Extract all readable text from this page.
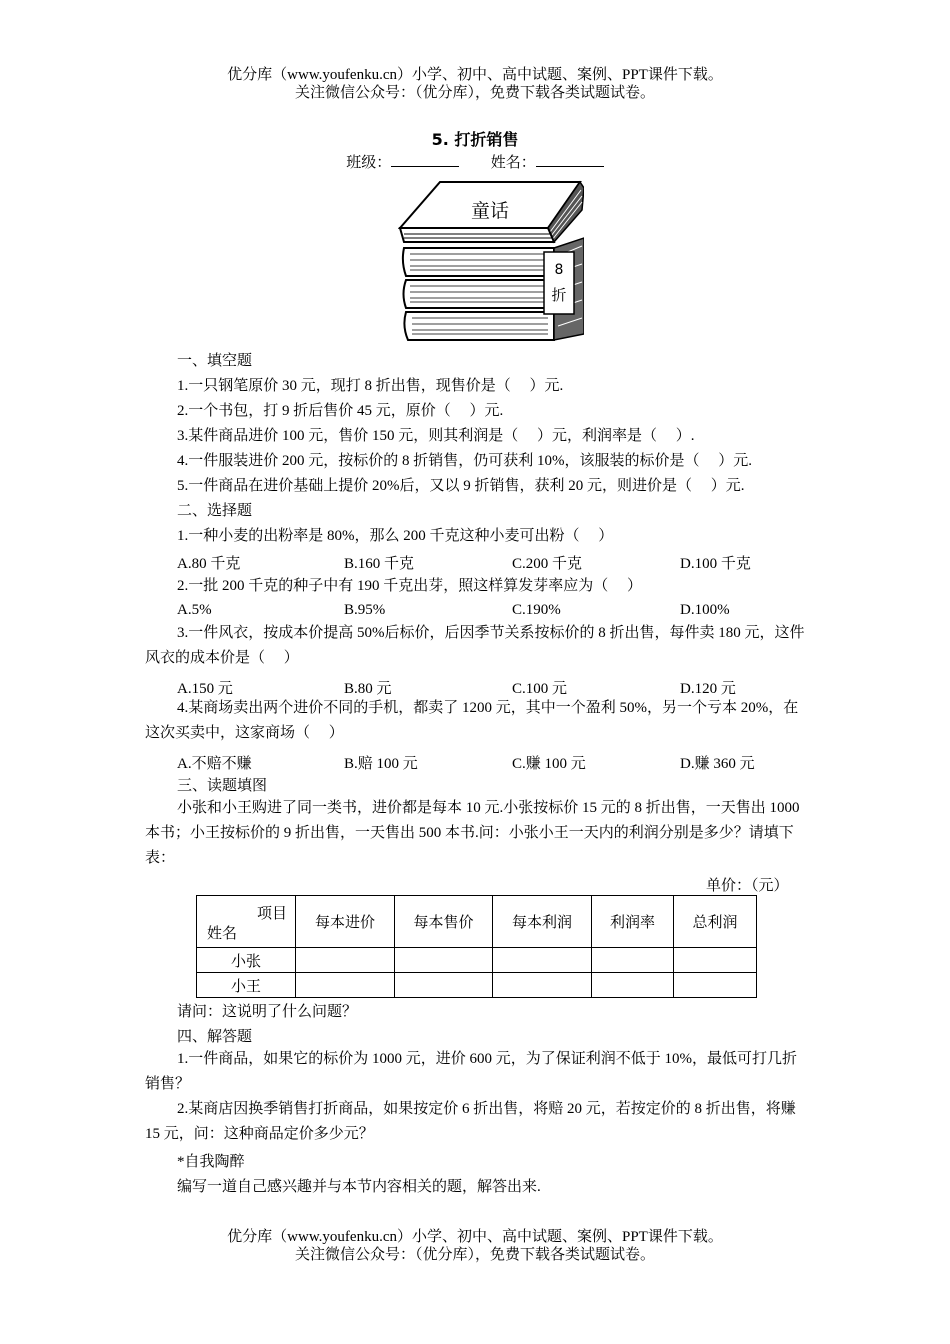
优分库（www.youfenku.cn）小学、初中、高中试题、案例、PPT课件下载。
关注微信公众号：（优分库），免费下载各类试题试卷。
5. 打折销售
班级：	姓名：
童话
8
折
一、填空题
1.一只钢笔原价 30 元，现打 8 折出售，现售价是（　 ）元.
2.一个书包，打 9 折后售价 45 元，原价（　 ）元.
3.某件商品进价 100 元，售价 150 元，则其利润是（　 ）元，利润率是（　 ）.
4.一件服装进价 200 元，按标价的 8 折销售，仍可获利 10%，该服装的标价是（　 ）元.
5.一件商品在进价基础上提价 20%后，又以 9 折销售，获利 20 元，则进价是（　 ）元.
二、选择题
1.一种小麦的出粉率是 80%，那么 200 千克这种小麦可出粉（　 ）
A.80 千克	B.160 千克	C.200 千克	D.100 千克
2.一批 200 千克的种子中有 190 千克出芽，照这样算发芽率应为（　 ）
A.5%	B.95%	C.190%	D.100%
3.一件风衣，按成本价提高 50%后标价，后因季节关系按标价的 8 折出售，每件卖 180 元，这件风衣的成本价是（　 ）
A.150 元	B.80 元	C.100 元	D.120 元
4.某商场卖出两个进价不同的手机，都卖了 1200 元，其中一个盈利 50%，另一个亏本 20%，在这次买卖中，这家商场（　 ）
A.不赔不赚	B.赔 100 元	C.赚 100 元	D.赚 360 元
三、读题填图
小张和小王购进了同一类书，进价都是每本 10 元.小张按标价 15 元的 8 折出售，一天售出 1000 本书；小王按标价的 9 折出售，一天售出 500 本书.问：小张小王一天内的利润分别是多少？请填下表：
单价：（元）
项目
姓名	每本进价	每本售价	每本利润	利润率	总利润
小张					
小王					
请问：这说明了什么问题？
四、解答题
1.一件商品，如果它的标价为 1000 元，进价 600 元，为了保证利润不低于 10%，最低可打几折销售？
2.某商店因换季销售打折商品，如果按定价 6 折出售，将赔 20 元，若按定价的 8 折出售，将赚 15 元，问：这种商品定价多少元？
*自我陶醉
编写一道自己感兴趣并与本节内容相关的题，解答出来.
优分库（www.youfenku.cn）小学、初中、高中试题、案例、PPT课件下载。
关注微信公众号：（优分库），免费下载各类试题试卷。
